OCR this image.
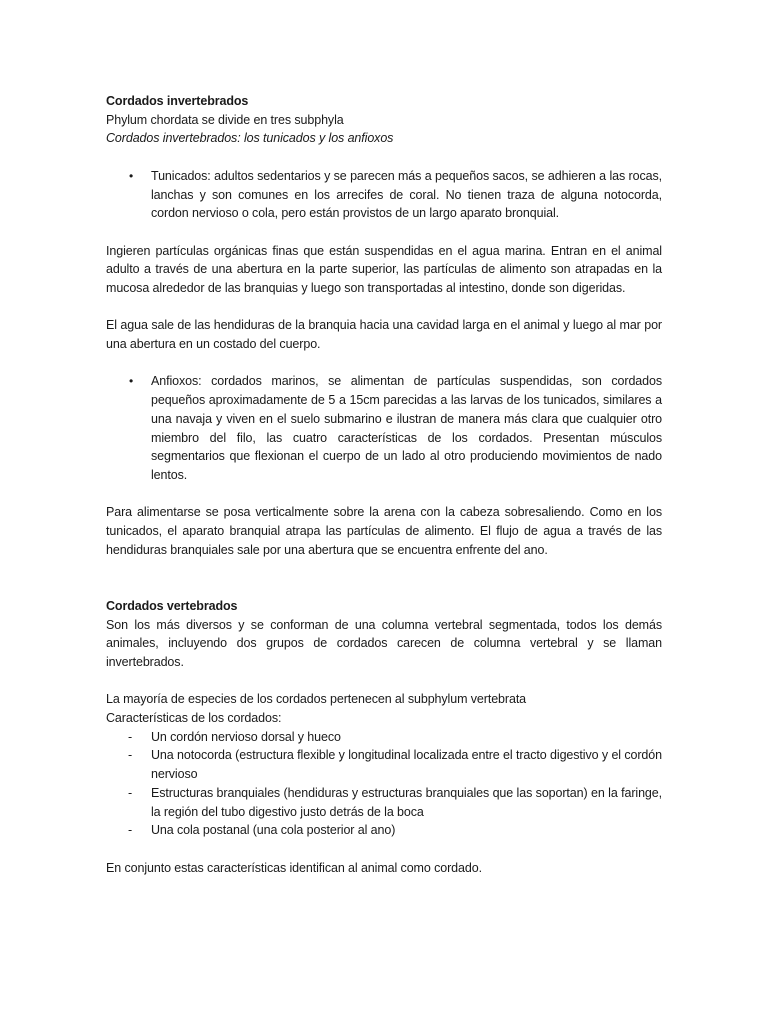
Cordados invertebrados

Phylum chordata se divide en tres subphyla

Cordados invertebrados: los tunicados y los anfioxos

• Tunicados: adultos sedentarios y se parecen más a pequeños sacos, se adhieren a las rocas, lanchas y son comunes en los arrecifes de coral. No tienen traza de alguna notocorda, cordon nervioso o cola, pero están provistos de un largo aparato bronquial.

Ingieren partículas orgánicas finas que están suspendidas en el agua marina. Entran en el animal adulto a través de una abertura en la parte superior, las partículas de alimento son atrapadas en la mucosa alrededor de las branquias y luego son transportadas al intestino, donde son digeridas.

El agua sale de las hendiduras de la branquia hacia una cavidad larga en el animal y luego al mar por una abertura en un costado del cuerpo.

• Anfioxos: cordados marinos, se alimentan de partículas suspendidas, son cordados pequeños aproximadamente de 5 a 15cm parecidas a las larvas de los tunicados, similares a una navaja y viven en el suelo submarino e ilustran de manera más clara que cualquier otro miembro del filo, las cuatro características de los cordados. Presentan músculos segmentarios que flexionan el cuerpo de un lado al otro produciendo movimientos de nado lentos.

Para alimentarse se posa verticalmente sobre la arena con la cabeza sobresaliendo. Como en los tunicados, el aparato branquial atrapa las partículas de alimento. El flujo de agua a través de las hendiduras branquiales sale por una abertura que se encuentra enfrente del ano.

Cordados vertebrados

Son los más diversos y se conforman de una columna vertebral segmentada, todos los demás animales, incluyendo dos grupos de cordados carecen de columna vertebral y se llaman invertebrados.

La mayoría de especies de los cordados pertenecen al subphylum vertebrata

Características de los cordados:

- Un cordón nervioso dorsal y hueco
- Una notocorda (estructura flexible y longitudinal localizada entre el tracto digestivo y el cordón nervioso
- Estructuras branquiales (hendiduras y estructuras branquiales que las soportan) en la faringe, la región del tubo digestivo justo detrás de la boca
- Una cola postanal (una cola posterior al ano)

En conjunto estas características identifican al animal como cordado.
